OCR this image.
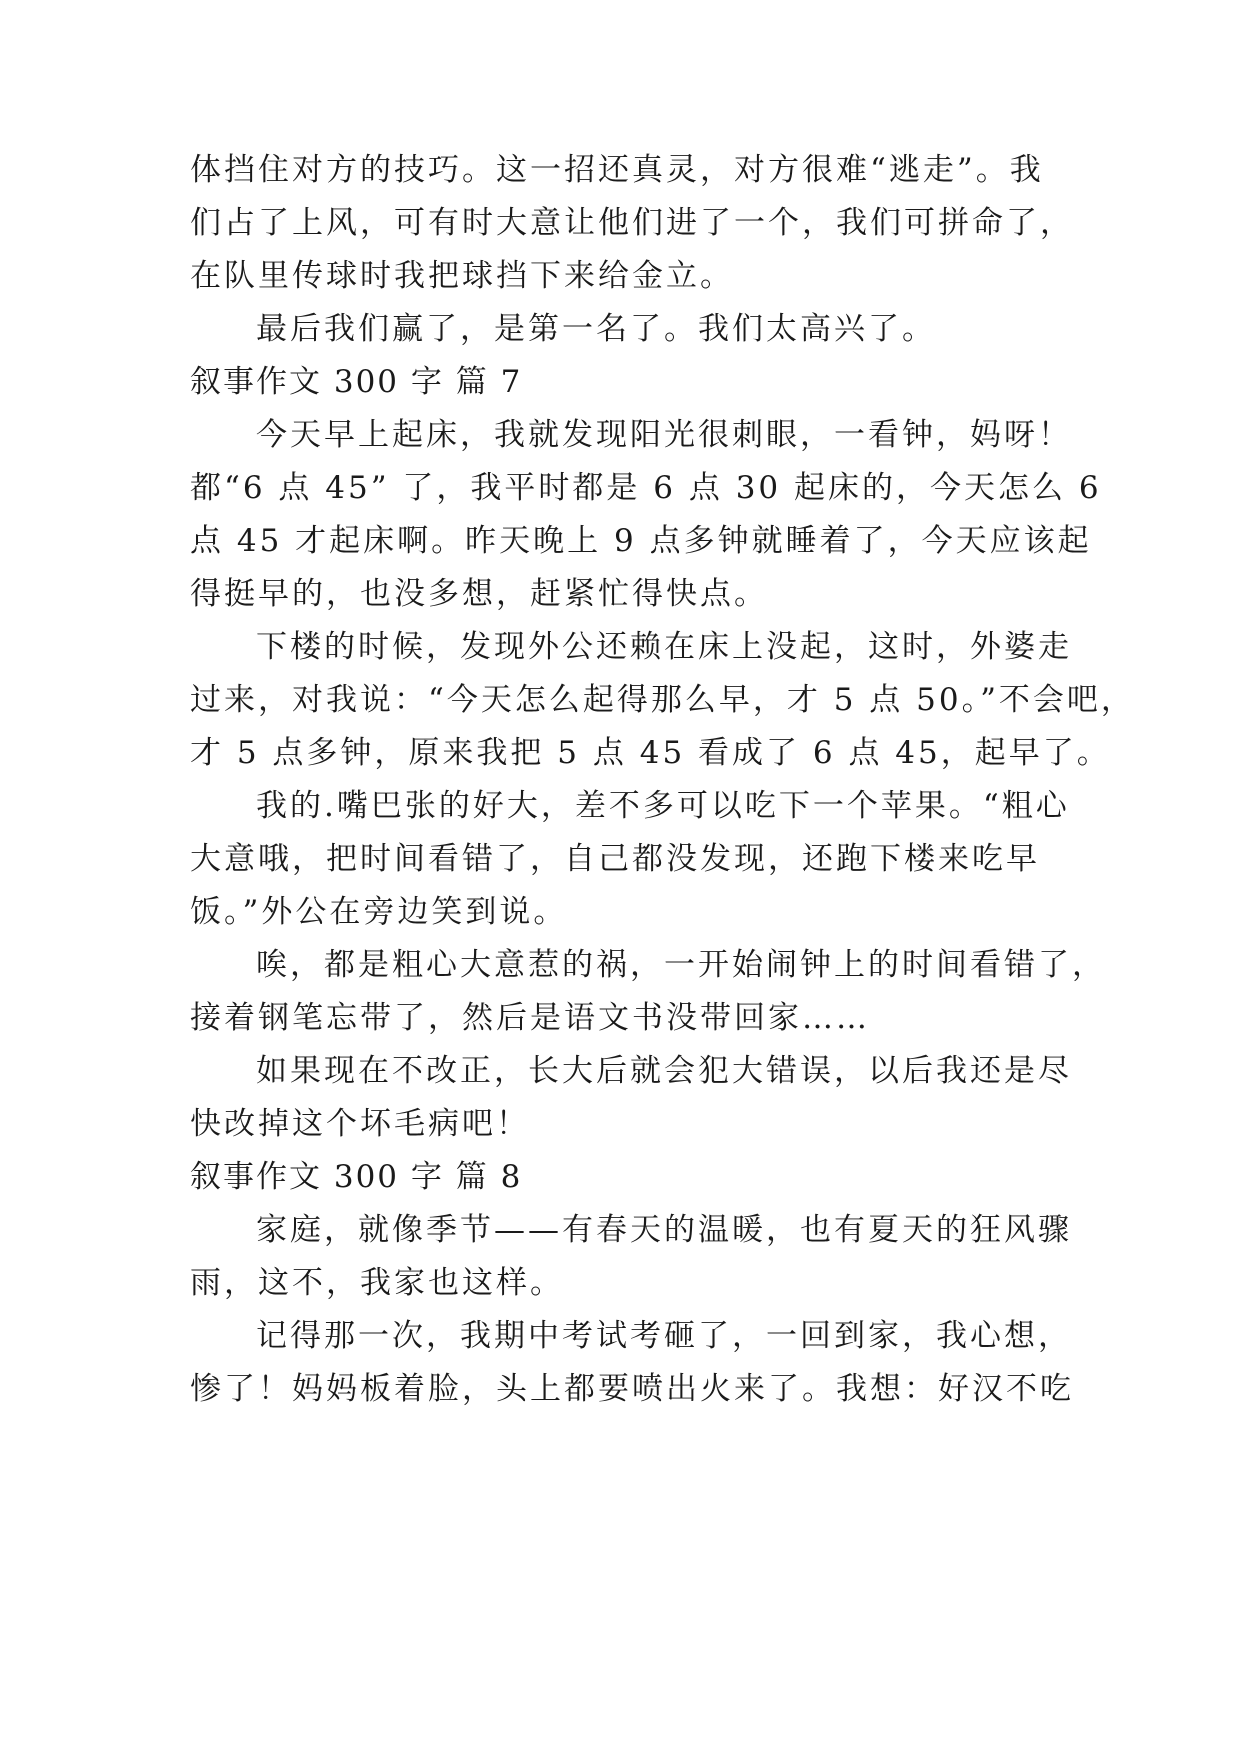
体挡住对方的技巧。这一招还真灵，对方很难“逃走”。我
们占了上风，可有时大意让他们进了一个，我们可拼命了，
在队里传球时我把球挡下来给金立。
最后我们赢了，是第一名了。我们太高兴了。
叙事作文 300 字 篇 7
今天早上起床，我就发现阳光很刺眼，一看钟，妈呀！
都“6 点 45” 了，我平时都是 6 点 30 起床的，今天怎么 6
点 45 才起床啊。昨天晚上 9 点多钟就睡着了，今天应该起
得挺早的，也没多想，赶紧忙得快点。
下楼的时候，发现外公还赖在床上没起，这时，外婆走
过来，对我说：“今天怎么起得那么早，才 5 点 50。”不会吧，
才 5 点多钟，原来我把 5 点 45 看成了 6 点 45，起早了。
我的.嘴巴张的好大，差不多可以吃下一个苹果。“粗心
大意哦，把时间看错了，自己都没发现，还跑下楼来吃早
饭。”外公在旁边笑到说。
唉，都是粗心大意惹的祸，一开始闹钟上的时间看错了，
接着钢笔忘带了，然后是语文书没带回家……
如果现在不改正，长大后就会犯大错误，以后我还是尽
快改掉这个坏毛病吧！
叙事作文 300 字 篇 8
家庭，就像季节——有春天的温暖，也有夏天的狂风骤
雨，这不，我家也这样。
记得那一次，我期中考试考砸了，一回到家，我心想，
惨了！妈妈板着脸，头上都要喷出火来了。我想：好汉不吃
